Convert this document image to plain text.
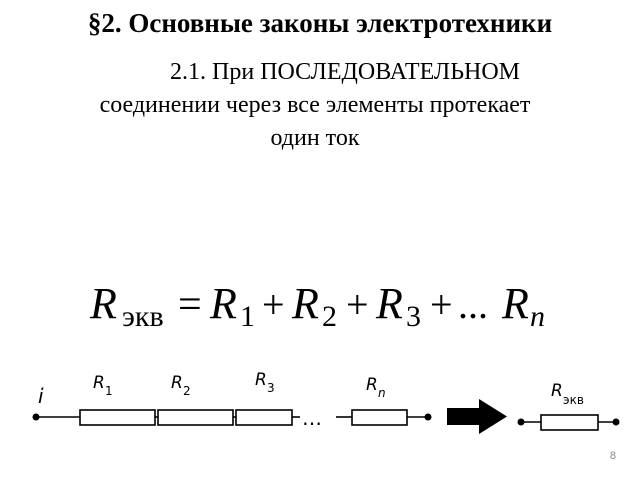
§2. Основные законы электротехники
2.1. При ПОСЛЕДОВАТЕЛЬНОМ
соединении через все элементы протекает
один ток
R экв = R 1 + R 2 + R 3 + ... R n
i
R 1	R 2
R 3
…
R n	R экв
8
